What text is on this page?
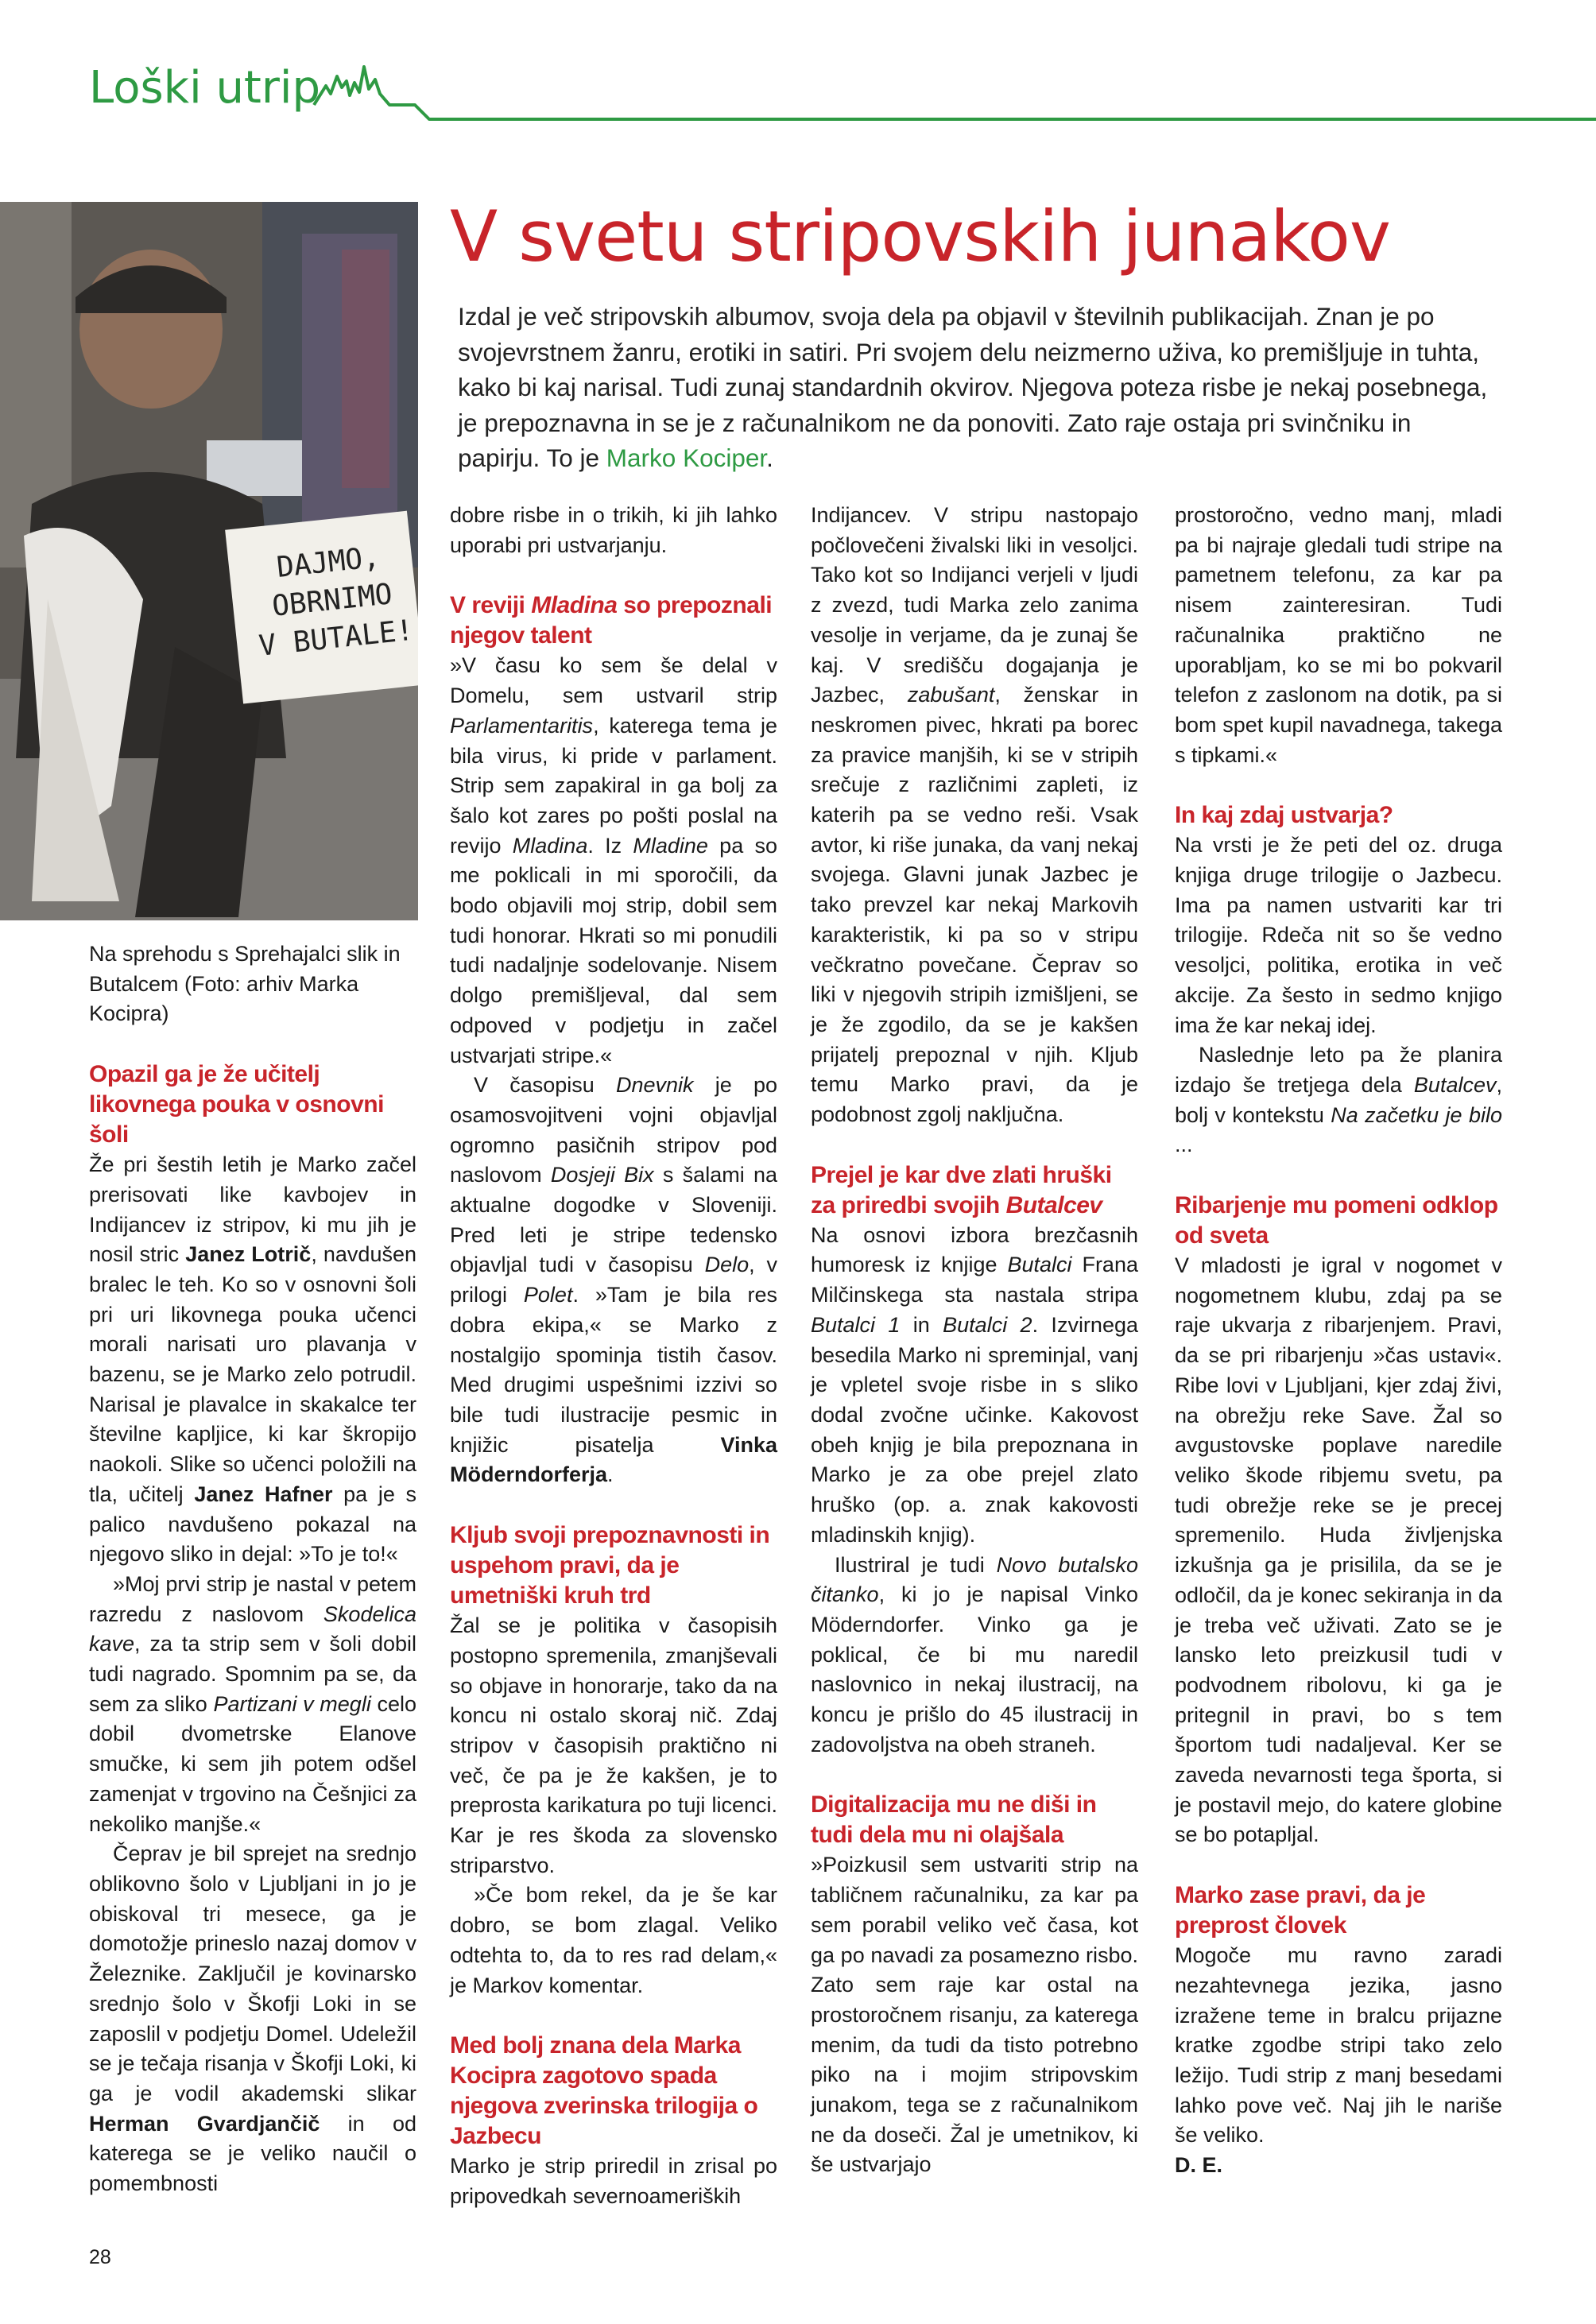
Loški utrip
DAJMO,
OBRNIMO
V BUTALE!
V svetu stripovskih junakov
Izdal je več stripovskih albumov, svoja dela pa objavil v številnih publikacijah. Znan je po svojevrstnem žanru, erotiki in satiri. Pri svojem delu neizmerno uživa, ko premišljuje in tuhta, kako bi kaj narisal. Tudi zunaj standardnih okvirov. Njegova poteza risbe je nekaj posebnega, je prepoznavna in se je z računalnikom ne da ponoviti. Zato raje ostaja pri svinčniku in papirju. To je Marko Kociper.

Na sprehodu s Sprehajalci slik in Butalcem (Foto: arhiv Marka Kocipra)

Opazil ga je že učitelj likovnega pouka v osnovni šoli

Že pri šestih letih je Marko začel prerisovati like kavbojev in Indijancev iz stripov, ki mu jih je nosil stric Janez Lotrič, navdušen bralec le teh. Ko so v osnovni šoli pri uri likovnega pouka učenci morali narisati uro plavanja v bazenu, se je Marko zelo potrudil. Narisal je plavalce in skakalce ter številne kapljice, ki kar škropijo naokoli. Slike so učenci položili na tla, učitelj Janez Hafner pa je s palico navdušeno pokazal na njegovo sliko in dejal: »To je to!«

»Moj prvi strip je nastal v petem razredu z naslovom Skodelica kave, za ta strip sem v šoli dobil tudi nagrado. Spomnim pa se, da sem za sliko Partizani v megli celo dobil dvometrske Elanove smučke, ki sem jih potem odšel zamenjat v trgovino na Češnjici za nekoliko manjše.«

Čeprav je bil sprejet na srednjo oblikovno šolo v Ljubljani in jo je obiskoval tri mesece, ga je domotožje prineslo nazaj domov v Železnike. Zaključil je kovinarsko srednjo šolo v Škofji Loki in se zaposlil v podjetju Domel. Udeležil se je tečaja risanja v Škofji Loki, ki ga je vodil akademski slikar Herman Gvardjančič in od katerega se je veliko naučil o pomembnosti

dobre risbe in o trikih, ki jih lahko uporabi pri ustvarjanju.

V reviji Mladina so prepoznali njegov talent

»V času ko sem še delal v Domelu, sem ustvaril strip Parlamentaritis, katerega tema je bila virus, ki pride v parlament. Strip sem zapakiral in ga bolj za šalo kot zares po pošti poslal na revijo Mladina. Iz Mladine pa so me poklicali in mi sporočili, da bodo objavili moj strip, dobil sem tudi honorar. Hkrati so mi ponudili tudi nadaljnje sodelovanje. Nisem dolgo premišljeval, dal sem odpoved v podjetju in začel ustvarjati stripe.«

V časopisu Dnevnik je po osamosvojitveni vojni objavljal ogromno pasičnih stripov pod naslovom Dosjeji Bix s šalami na aktualne dogodke v Sloveniji. Pred leti je stripe tedensko objavljal tudi v časopisu Delo, v prilogi Polet. »Tam je bila res dobra ekipa,« se Marko z nostalgijo spominja tistih časov. Med drugimi uspešnimi izzivi so bile tudi ilustracije pesmic in knjižic pisatelja Vinka Möderndorferja.

Kljub svoji prepoznavnosti in uspehom pravi, da je umetniški kruh trd

Žal se je politika v časopisih postopno spremenila, zmanjševali so objave in honorarje, tako da na koncu ni ostalo skoraj nič. Zdaj stripov v časopisih praktično ni več, če pa je že kakšen, je to preprosta karikatura po tuji licenci. Kar je res škoda za slovensko striparstvo.

»Če bom rekel, da je še kar dobro, se bom zlagal. Veliko odtehta to, da to res rad delam,« je Markov komentar.

Med bolj znana dela Marka Kocipra zagotovo spada njegova zverinska trilogija o Jazbecu

Marko je strip priredil in zrisal po pripovedkah severnoameriških

Indijancev. V stripu nastopajo počlovečeni živalski liki in vesoljci. Tako kot so Indijanci verjeli v ljudi z zvezd, tudi Marka zelo zanima vesolje in verjame, da je zunaj še kaj. V središču dogajanja je Jazbec, zabušant, ženskar in neskromen pivec, hkrati pa borec za pravice manjših, ki se v stripih srečuje z različnimi zapleti, iz katerih pa se vedno reši. Vsak avtor, ki riše junaka, da vanj nekaj svojega. Glavni junak Jazbec je tako prevzel kar nekaj Markovih karakteristik, ki pa so v stripu večkratno povečane. Čeprav so liki v njegovih stripih izmišljeni, se je že zgodilo, da se je kakšen prijatelj prepoznal v njih. Kljub temu Marko pravi, da je podobnost zgolj naključna.

Prejel je kar dve zlati hruški za priredbi svojih Butalcev

Na osnovi izbora brezčasnih humoresk iz knjige Butalci Frana Milčinskega sta nastala stripa Butalci 1 in Butalci 2. Izvirnega besedila Marko ni spreminjal, vanj je vpletel svoje risbe in s sliko dodal zvočne učinke. Kakovost obeh knjig je bila prepoznana in Marko je za obe prejel zlato hruško (op. a. znak kakovosti mladinskih knjig).

Ilustriral je tudi Novo butalsko čitanko, ki jo je napisal Vinko Möderndorfer. Vinko ga je poklical, če bi mu naredil naslovnico in nekaj ilustracij, na koncu je prišlo do 45 ilustracij in zadovoljstva na obeh straneh.

Digitalizacija mu ne diši in tudi dela mu ni olajšala

»Poizkusil sem ustvariti strip na tabličnem računalniku, za kar pa sem porabil veliko več časa, kot ga po navadi za posamezno risbo. Zato sem raje kar ostal na prostoročnem risanju, za katerega menim, da tudi da tisto potrebno piko na i mojim stripovskim junakom, tega se z računalnikom ne da doseči. Žal je umetnikov, ki še ustvarjajo

prostoročno, vedno manj, mladi pa bi najraje gledali tudi stripe na pametnem telefonu, za kar pa nisem zainteresiran. Tudi računalnika praktično ne uporabljam, ko se mi bo pokvaril telefon z zaslonom na dotik, pa si bom spet kupil navadnega, takega s tipkami.«

In kaj zdaj ustvarja?

Na vrsti je že peti del oz. druga knjiga druge trilogije o Jazbecu. Ima pa namen ustvariti kar tri trilogije. Rdeča nit so še vedno vesoljci, politika, erotika in več akcije. Za šesto in sedmo knjigo ima že kar nekaj idej.

Naslednje leto pa že planira izdajo še tretjega dela Butalcev, bolj v kontekstu Na začetku je bilo ...

Ribarjenje mu pomeni odklop od sveta

V mladosti je igral v nogomet v nogometnem klubu, zdaj pa se raje ukvarja z ribarjenjem. Pravi, da se pri ribarjenju »čas ustavi«. Ribe lovi v Ljubljani, kjer zdaj živi, na obrežju reke Save. Žal so avgustovske poplave naredile veliko škode ribjemu svetu, pa tudi obrežje reke se je precej spremenilo. Huda življenjska izkušnja ga je prisilila, da se je odločil, da je konec sekiranja in da je treba več uživati. Zato se je lansko leto preizkusil tudi v podvodnem ribolovu, ki ga je pritegnil in pravi, bo s tem športom tudi nadaljeval. Ker se zaveda nevarnosti tega športa, si je postavil mejo, do katere globine se bo potapljal.

Marko zase pravi, da je preprost človek

Mogoče mu ravno zaradi nezahtevnega jezika, jasno izražene teme in bralcu prijazne kratke zgodbe stripi tako zelo ležijo. Tudi strip z manj besedami lahko pove več. Naj jih le nariše še veliko.

D. E.

28
